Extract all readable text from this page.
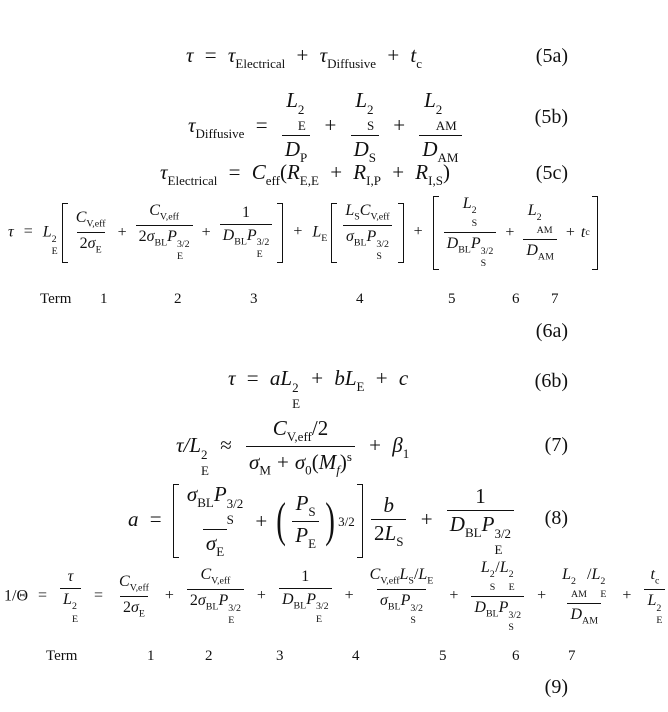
$\tau = \tau_{Electrical} + \tau_{Diffusive} + t_c$	(5a)
$\tau_{Diffusive} = L$ 2
E
$D_P + L$ 2
S
$D_S + L$ 2
AM
$D_{AM}$	(5b)
$\tau_{Electrical} = C_{eff}(R_{E,E} + R_{I,P} + R_{I,S})$	(5c)
τ = L 2
E
$\frac{C_{V,eff}}{2\sigma_E} + C_{V,eff}$
$2\sigma_{BL}P$ 3/2
E + 1
$D_{BL}P$ 3/2
$E + L_E$ $L_SC_{V,eff}$
$\sigma_{BL}P$ 3/2
S + L 2
S
$D_{BL}P$ 3/2
S + L 2
AM
$D_{AM} + t$ c
Term 1	2	3	4	5	6 7
(6a)
τ = aL 2
E
+ $bL_E + c$	(6b)
τ/L 2
E
≈ $\frac{C_{V,eff}/2}{\sigma_M + \sigma_0(M_f)^s} + \beta_1$	(7)
$a = \sigma_{BL}P$ 3/2
S
$\sigma_E$ + ( $\frac{P_S}{P_E}$ ) 3/2
$\frac{b}{2L_S} + 1$
$D_{BL}P$ 3/2
E (8)
1/Θ = τ
L 2
$E = \frac{C_{V,eff}}{2\sigma_E} + C_{V,eff}$
$2\sigma_{BL}P$ 3/2
E + 1
$D_{BL}P$ 3/2
$E + C_{V,eff}L_S/L_E$
$\sigma_{BL}P$ 3/2
S + L 2
S
/L 2
E
$D_{BL}P$ 3/2
S + L 2
AM
/L 2
E
$D_{AM} + t_c$
L 2
E
Term	1	2	3	4	5	6	7
(9)
